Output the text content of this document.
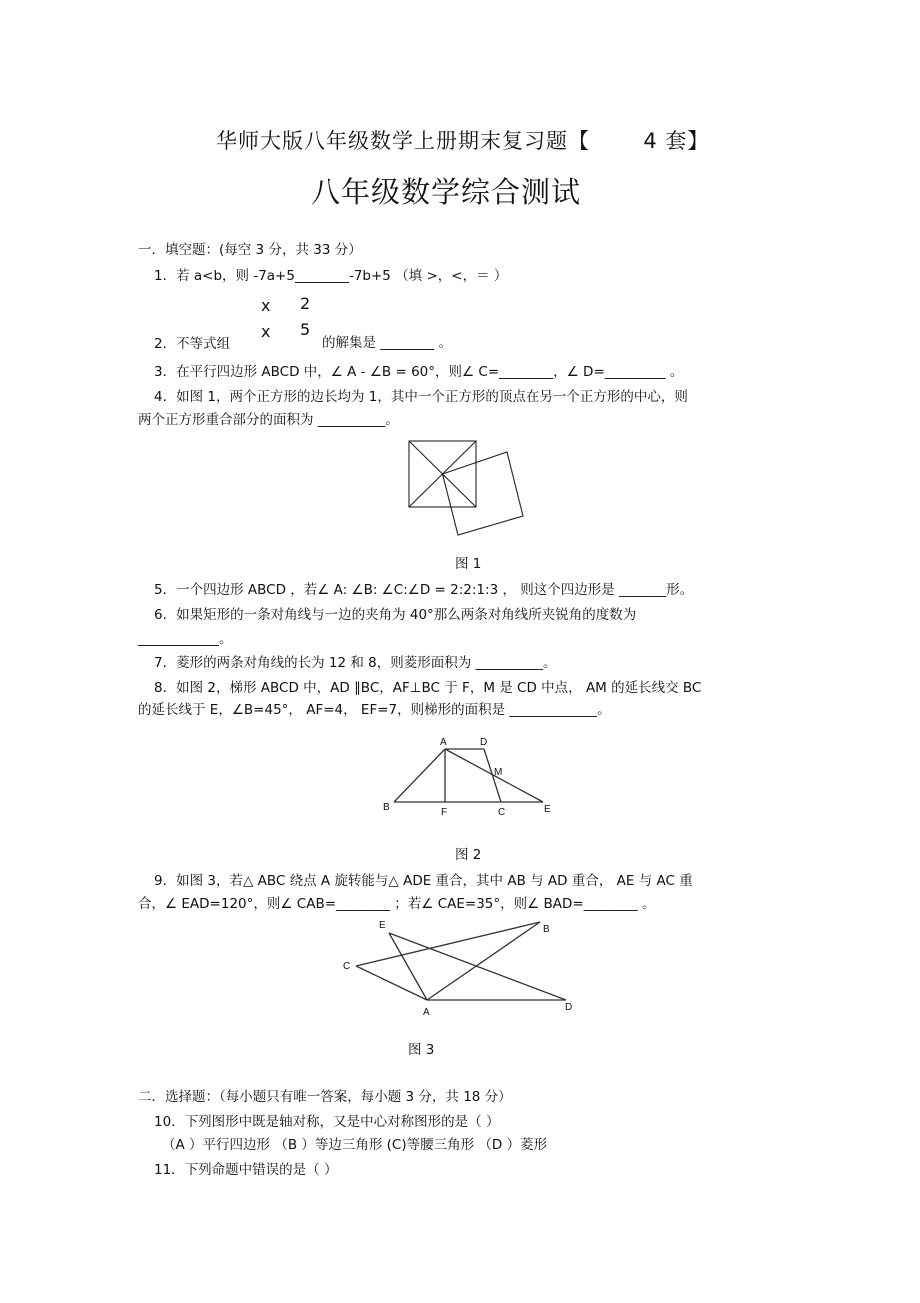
华师大版八年级数学上册期末复习题【	4 套】
八年级数学综合测试
一．填空题：(每空 3 分，共 33 分）
1．若 a<b，则 -7a+5________-7b+5 （填 >，<，＝ ）
x 2
x 5
2．不等式组	的解集是 ________ 。
3．在平行四边形 ABCD 中，∠ A - ∠B = 60°，则∠ C=________，∠ D=_________ 。
4．如图 1，两个正方形的边长均为 1，其中一个正方形的顶点在另一个正方形的中心，则
两个正方形重合部分的面积为 __________。
图 1
5．一个四边形 ABCD ，若∠ A: ∠B: ∠C:∠D = 2:2:1:3 ， 则这个四边形是 _______形。
6．如果矩形的一条对角线与一边的夹角为 40°那么两条对角线所夹锐角的度数为
____________。
7．菱形的两条对角线的长为 12 和 8，则菱形面积为 __________。
8．如图 2，梯形 ABCD 中，AD ∥BC，AF⊥BC 于 F，M 是 CD 中点， AM 的延长线交 BC
的延长线于 E，∠B=45°， AF=4， EF=7，则梯形的面积是 _____________。
A	D
M
B	F	C	E
图 2
9．如图 3，若△ ABC 绕点 A 旋转能与△ ADE 重合，其中 AB 与 AD 重合， AE 与 AC 重
合，∠ EAD=120°，则∠ CAB=________ ；若∠ CAE=35°，则∠ BAD=________ 。
E	B
C
A	D
图 3
二．选择题：（每小题只有唯一答案，每小题 3 分，共 18 分）
10．下列图形中既是轴对称，又是中心对称图形的是（ ）
（A ）平行四边形 （B ）等边三角形 (C)等腰三角形 （D ）菱形
11．下列命题中错误的是（ ）
